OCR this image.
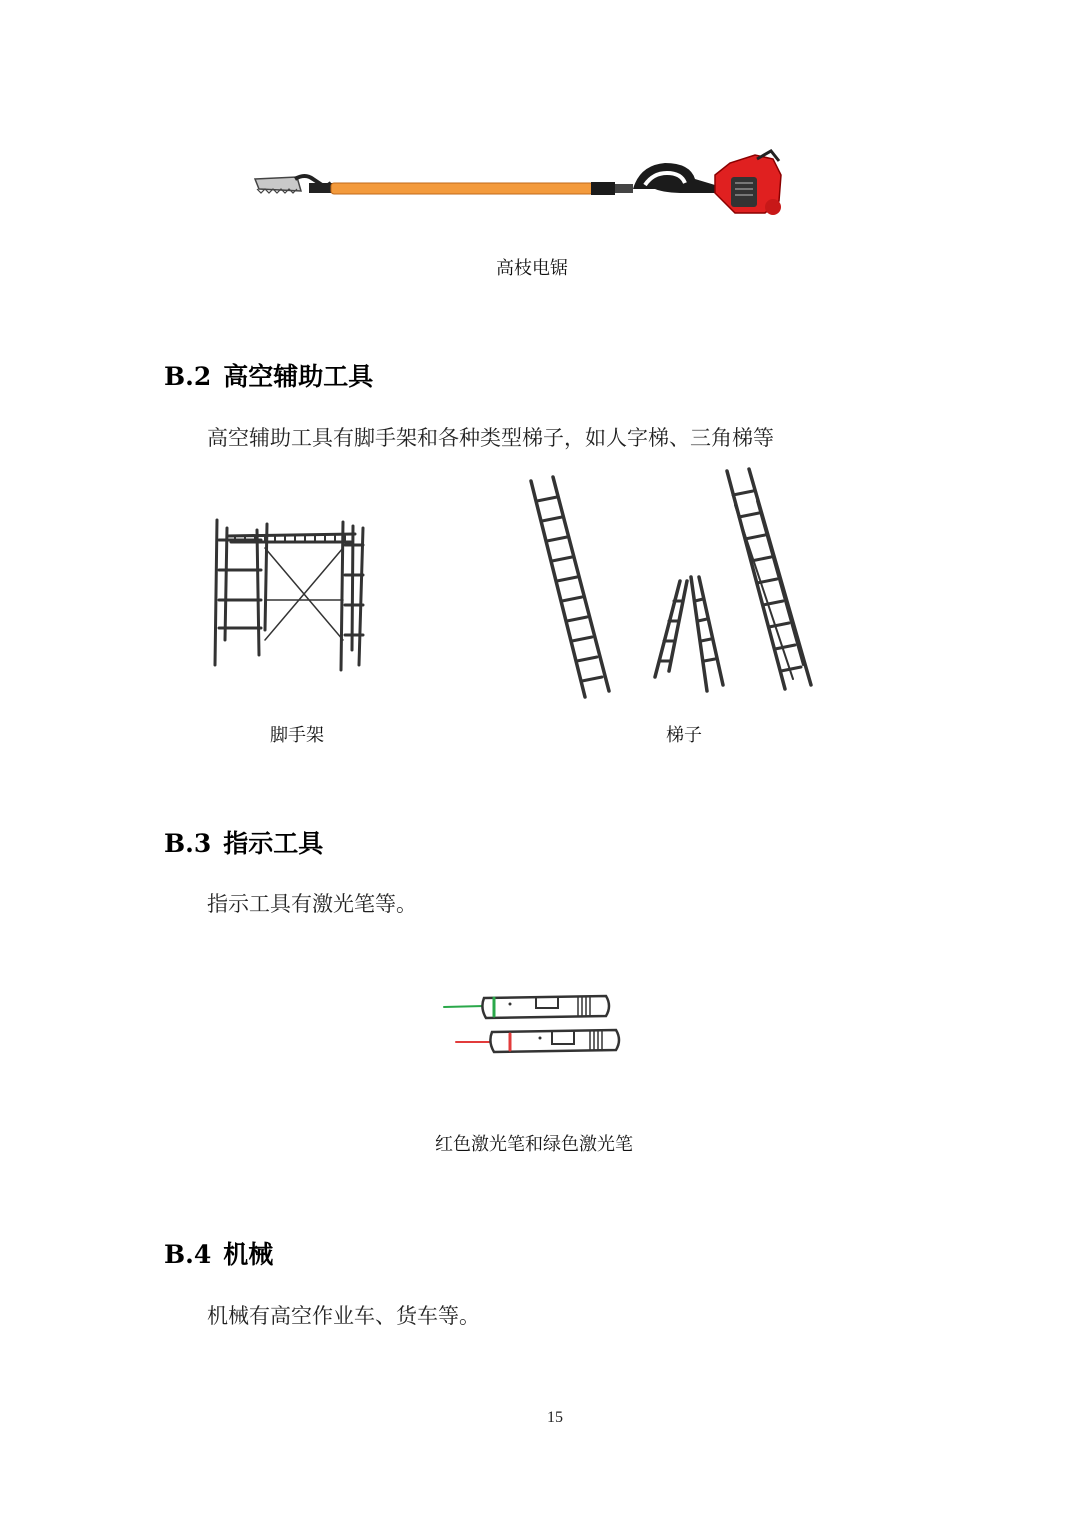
高枝电锯
B.2 高空辅助工具
高空辅助工具有脚手架和各种类型梯子，如人字梯、三角梯等
脚手架	梯子
B.3 指示工具
指示工具有激光笔等。
红色激光笔和绿色激光笔
B.4 机械
机械有高空作业车、货车等。
15
